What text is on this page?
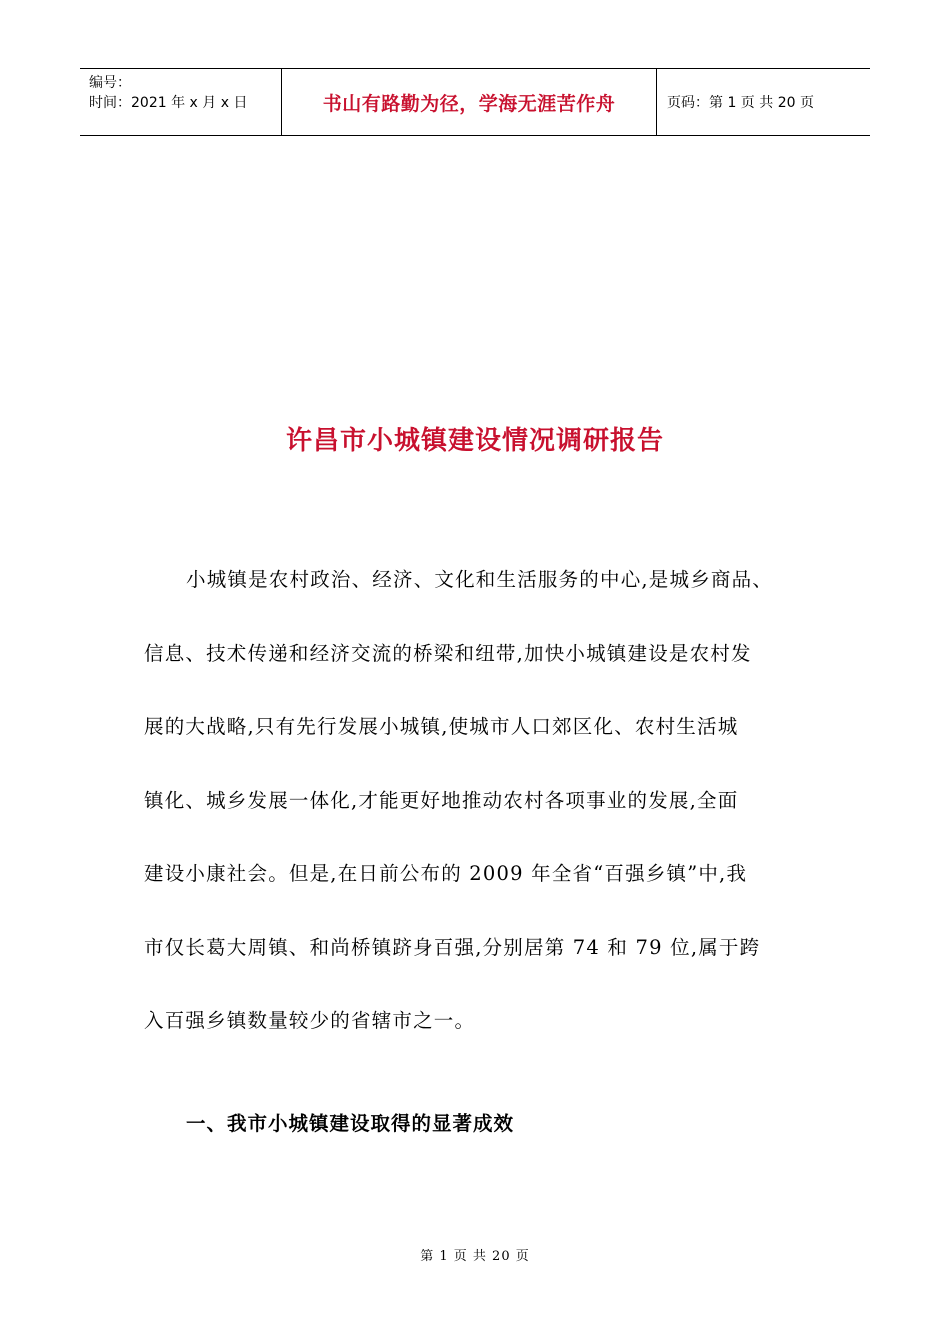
编号：
时间：2021 年 x 月 x 日	书山有路勤为径，学海无涯苦作舟	页码：第 1 页 共 20 页
许昌市小城镇建设情况调研报告
小城镇是农村政治、经济、文化和生活服务的中心,是城乡商品、
信息、技术传递和经济交流的桥梁和纽带,加快小城镇建设是农村发
展的大战略,只有先行发展小城镇,使城市人口郊区化、农村生活城
镇化、城乡发展一体化,才能更好地推动农村各项事业的发展,全面
建设小康社会。但是,在日前公布的 2009 年全省“百强乡镇”中,我
市仅长葛大周镇、和尚桥镇跻身百强,分别居第 74 和 79 位,属于跨
入百强乡镇数量较少的省辖市之一。
一、我市小城镇建设取得的显著成效
第 1 页 共 20 页
